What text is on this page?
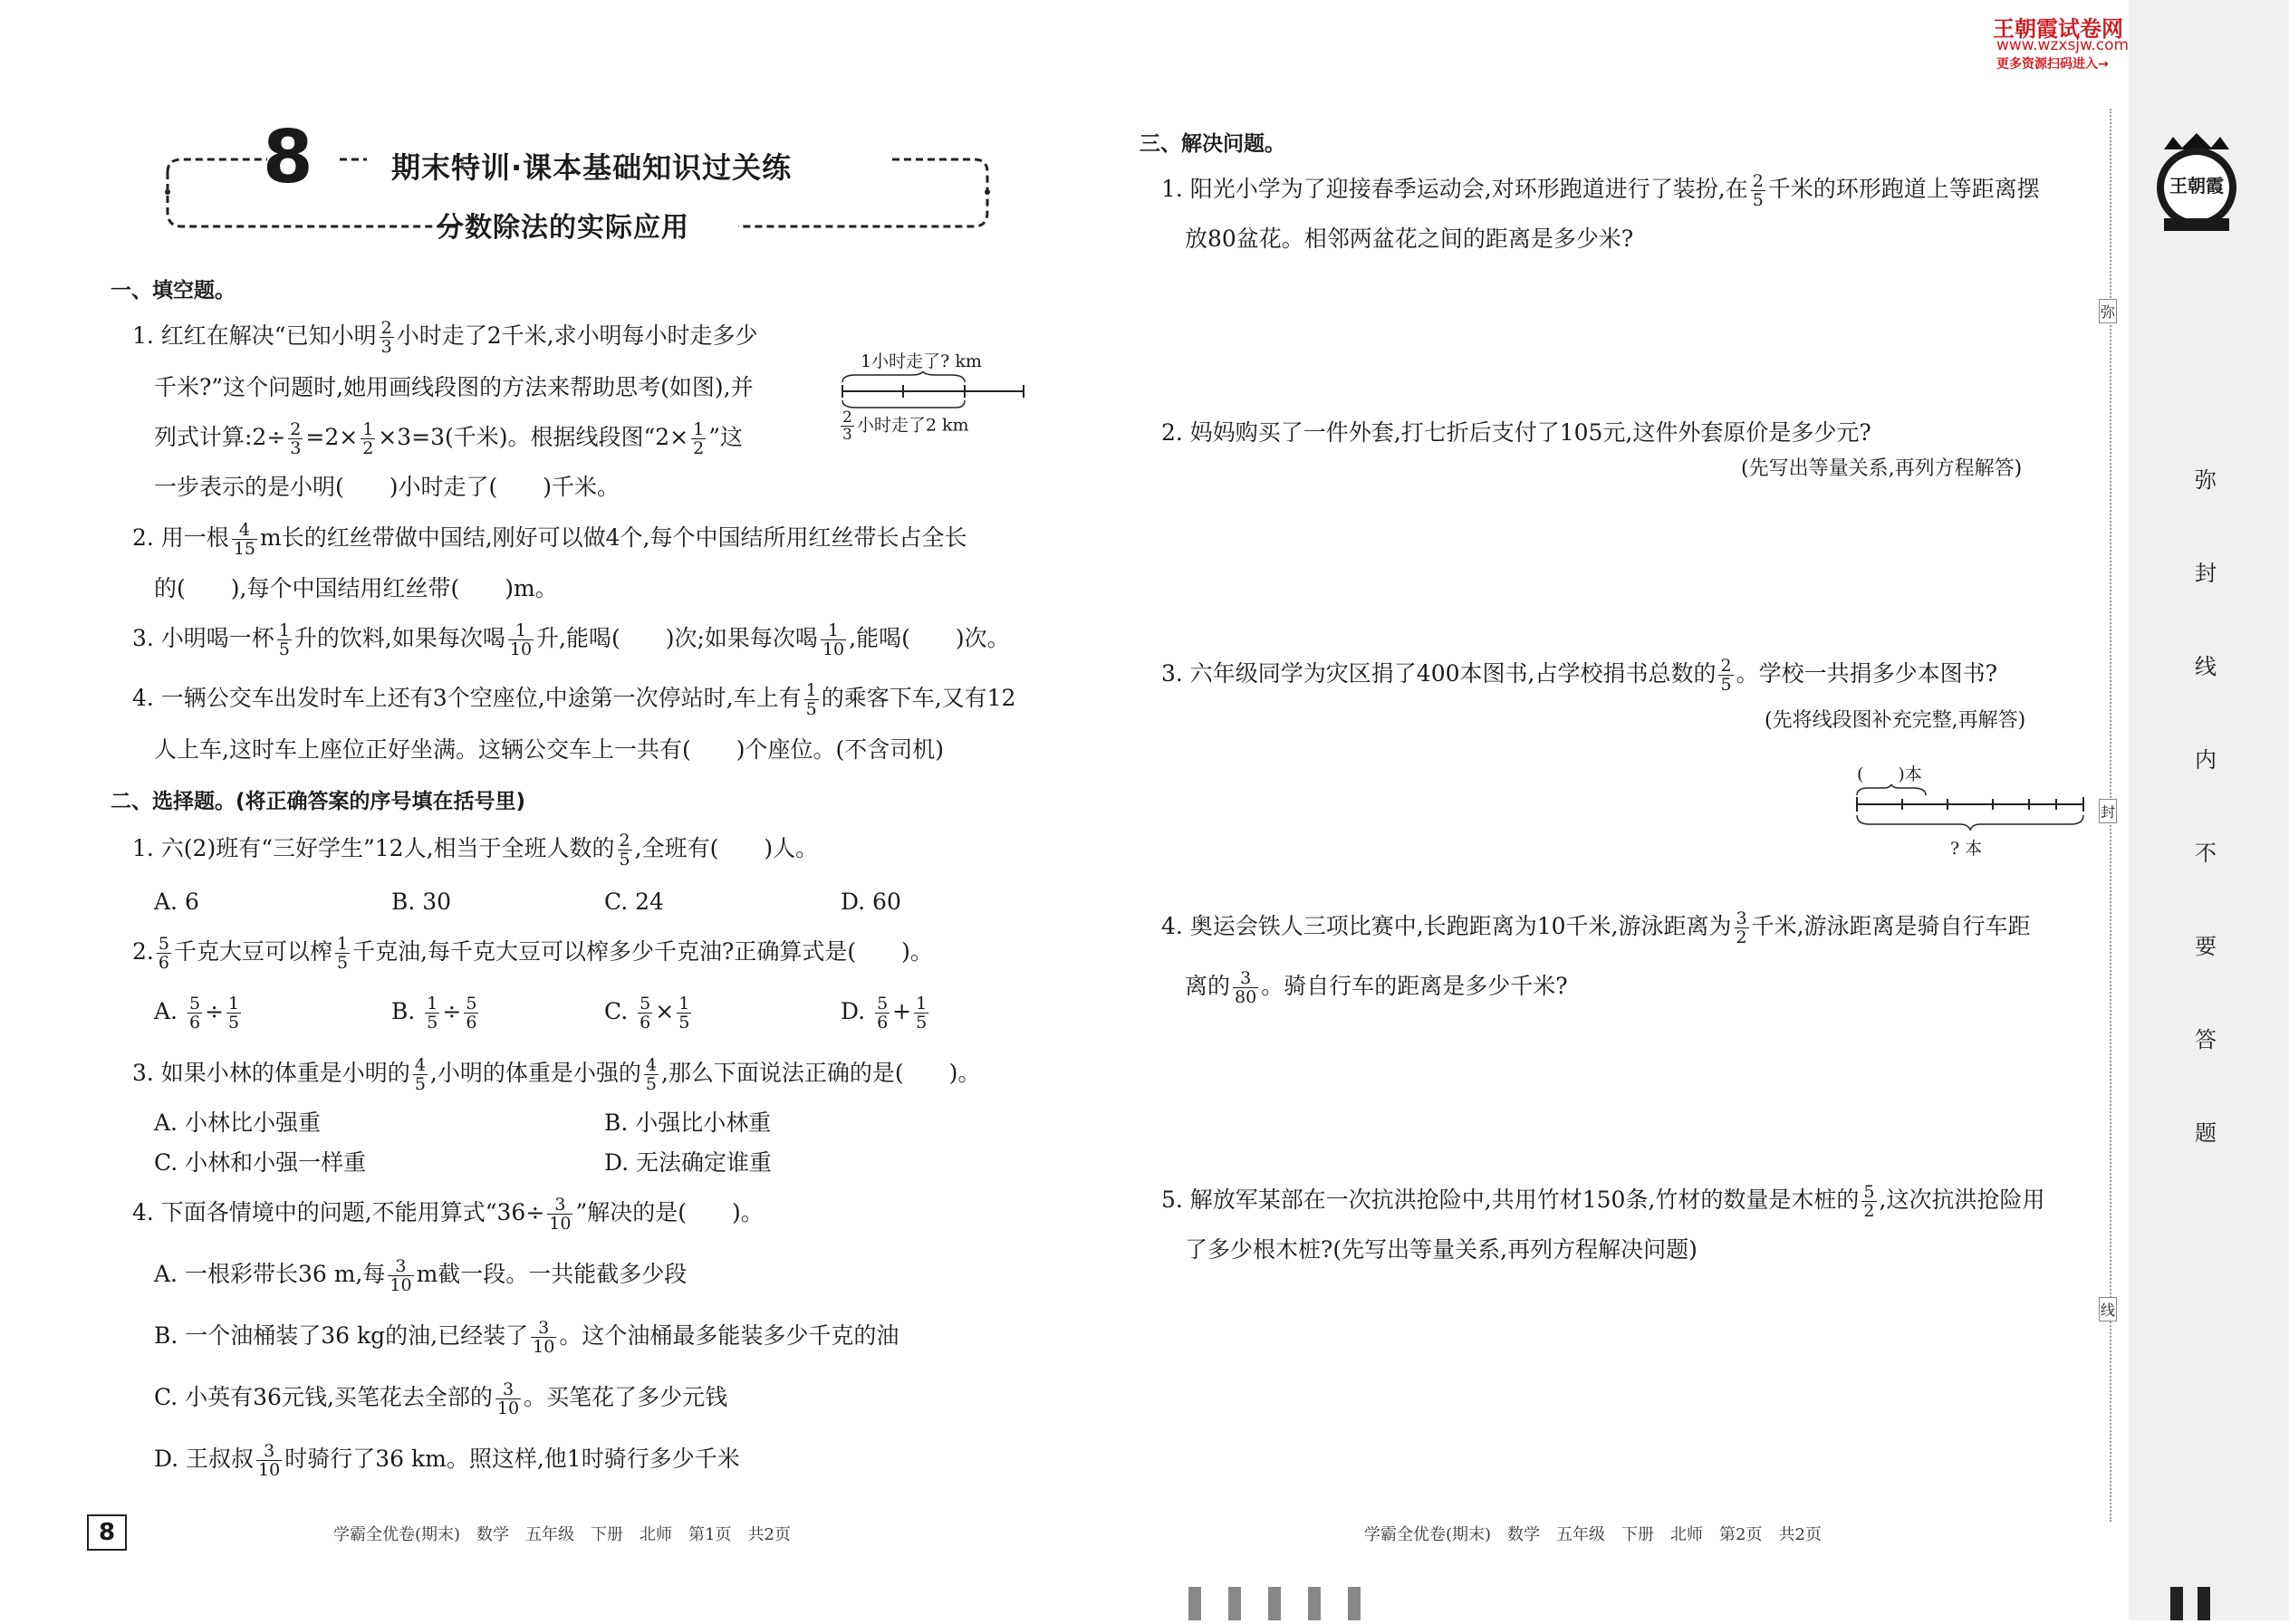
8	期末特训·课本基础知识过关练
分数除法的实际应用
王朝霞试卷网
www.wzxsjw.com
更多资源扫码进入→
王朝霞
弥
封
线
内
不
要
答
题
弥
封
线
一、填空题。
1. 红红在解决“已知小明 $\frac{2}{3}$ 小时走了2千米,求小明每小时走多少
千米?”这个问题时,她用画线段图的方法来帮助思考(如图),并
列式计算:2÷ $\frac{2}{3} =2\times \frac{1}{2} \times 3=3$(千米)。根据线段图“$2\times \frac{1}{2}$ ”这
一步表示的是小明(　　)小时走了(　　)千米。
1小时走了? km
$\frac{2}{3}$ 小时走了2 km
2. 用一根 $\frac{4}{15}$ m长的红丝带做中国结,刚好可以做4个,每个中国结所用红丝带长占全长
的(　　),每个中国结用红丝带(　　)m。
3. 小明喝一杯 $\frac{1}{5}$ 升的饮料,如果每次喝 $\frac{1}{10}$ 升,能喝(　　)次;如果每次喝 $\frac{1}{10}$ ,能喝(　　)次。
4. 一辆公交车出发时车上还有3个空座位,中途第一次停站时,车上有 $\frac{1}{5}$ 的乘客下车,又有12
人上车,这时车上座位正好坐满。这辆公交车上一共有(　　)个座位。(不含司机)
二、选择题。(将正确答案的序号填在括号里)
1. 六(2)班有“三好学生”12人,相当于全班人数的 $\frac{2}{5}$ ,全班有(　　)人。
A. 6	B. 30	C. 24	D. 60
2. $\frac{5}{6}$ 千克大豆可以榨 $\frac{1}{5}$ 千克油,每千克大豆可以榨多少千克油?正确算式是(　　)。
A. $\frac{5}{6} \div \frac{1}{5}$	B. $\frac{1}{5} \div \frac{5}{6}$	C. $\frac{5}{6} \times \frac{1}{5}$	D. $\frac{5}{6} + \frac{1}{5}$
3. 如果小林的体重是小明的 $\frac{4}{5}$ ,小明的体重是小强的 $\frac{4}{5}$ ,那么下面说法正确的是(　　)。
A. 小林比小强重	B. 小强比小林重
C. 小林和小强一样重	D. 无法确定谁重
4. 下面各情境中的问题,不能用算式“$36\div \frac{3}{10}$ ”解决的是(　　)。
A. 一根彩带长36 m,每 $\frac{3}{10}$ m截一段。一共能截多少段
B. 一个油桶装了36 kg的油,已经装了 $\frac{3}{10}$ 。这个油桶最多能装多少千克的油
C. 小英有36元钱,买笔花去全部的 $\frac{3}{10}$ 。买笔花了多少元钱
D. 王叔叔 $\frac{3}{10}$ 时骑行了36 km。照这样,他1时骑行多少千米
三、解决问题。
1. 阳光小学为了迎接春季运动会,对环形跑道进行了装扮,在 $\frac{2}{5}$ 千米的环形跑道上等距离摆
放80盆花。相邻两盆花之间的距离是多少米?
2. 妈妈购买了一件外套,打七折后支付了105元,这件外套原价是多少元?
(先写出等量关系,再列方程解答)
3. 六年级同学为灾区捐了400本图书,占学校捐书总数的 $\frac{2}{5}$ 。学校一共捐多少本图书?
(先将线段图补充完整,再解答)
(　　)本
? 本
4. 奥运会铁人三项比赛中,长跑距离为10千米,游泳距离为 $\frac{3}{2}$ 千米,游泳距离是骑自行车距
离的 $\frac{3}{80}$ 。骑自行车的距离是多少千米?
5. 解放军某部在一次抗洪抢险中,共用竹材150条,竹材的数量是木桩的 $\frac{5}{2}$ ,这次抗洪抢险用
了多少根木桩?(先写出等量关系,再列方程解决问题)
8	学霸全优卷(期末)　数学　五年级　下册　北师　第1页　共2页	学霸全优卷(期末)　数学　五年级　下册　北师　第2页　共2页
